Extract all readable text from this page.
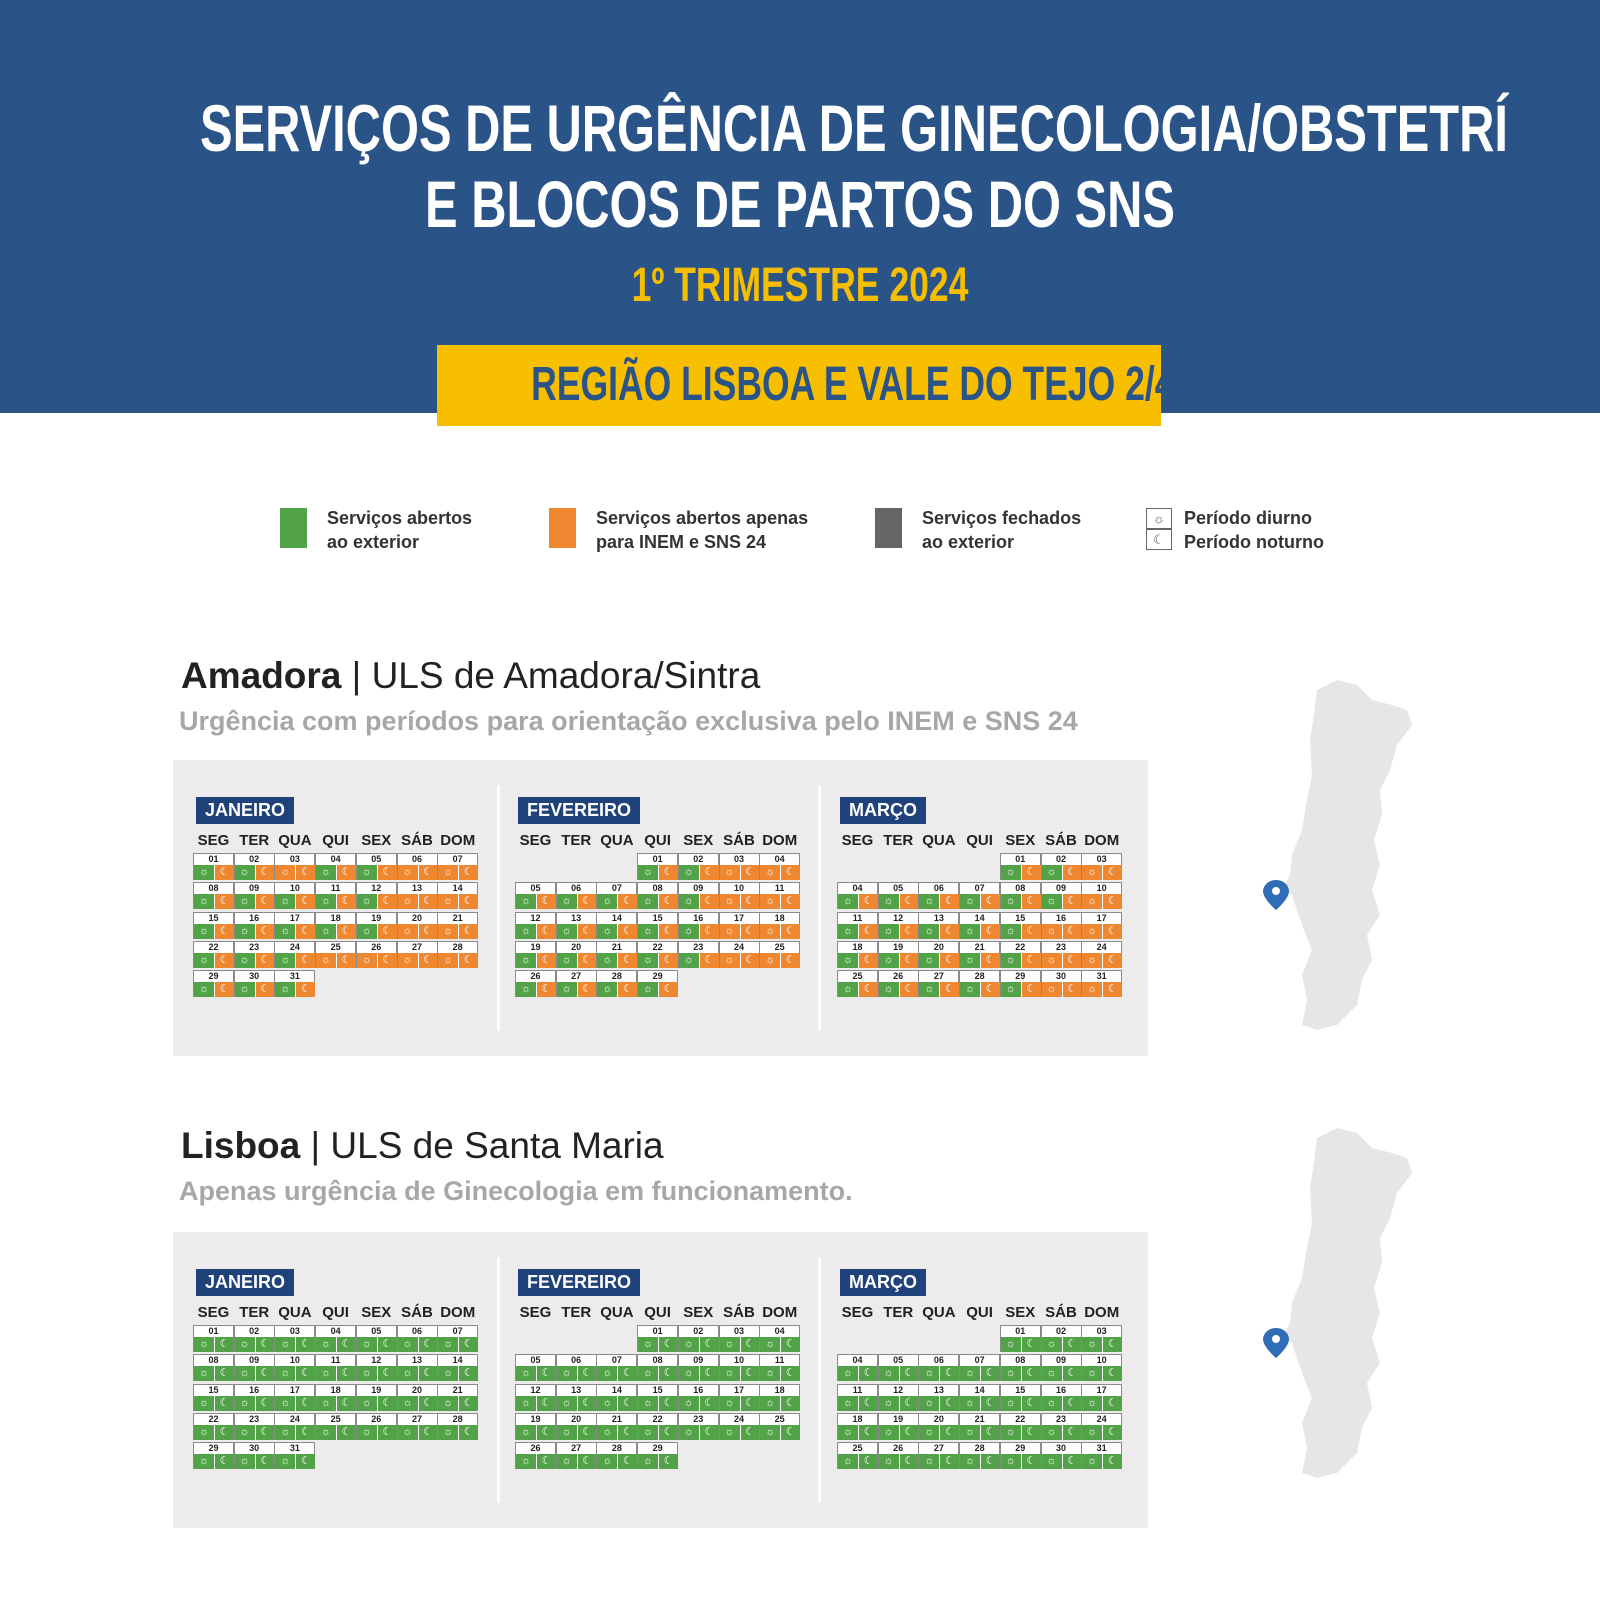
SERVIÇOS DE URGÊNCIA DE GINECOLOGIA/OBSTETRÍ
E BLOCOS DE PARTOS DO SNS
1º TRIMESTRE 2024
REGIÃO LISBOA E VALE DO TEJO 2/4
Serviços abertos
ao exterior
Serviços abertos apenas
para INEM e SNS 24
Serviços fechados
ao exterior
☼
☾
Período diurno
Período noturno
Amadora | ULS de Amadora/Sintra
Urgência com períodos para orientação exclusiva pelo INEM e SNS 24
JANEIRO
SEG TER QUA QUI SEX SÁB DOM
01
☼ ☾
02
☼ ☾
03
☼ ☾
04
☼ ☾
05
☼ ☾
06
☼ ☾
07
☼ ☾
08
☼ ☾
09
☼ ☾
10
☼ ☾
11
☼ ☾
12
☼ ☾
13
☼ ☾
14
☼ ☾
15
☼ ☾
16
☼ ☾
17
☼ ☾
18
☼ ☾
19
☼ ☾
20
☼ ☾
21
☼ ☾
22
☼ ☾
23
☼ ☾
24
☼ ☾
25
☼ ☾
26
☼ ☾
27
☼ ☾
28
☼ ☾
29
☼ ☾
30
☼ ☾
31
☼ ☾
FEVEREIRO
SEG TER QUA QUI SEX SÁB DOM
01
☼ ☾
02
☼ ☾
03
☼ ☾
04
☼ ☾
05
☼ ☾
06
☼ ☾
07
☼ ☾
08
☼ ☾
09
☼ ☾
10
☼ ☾
11
☼ ☾
12
☼ ☾
13
☼ ☾
14
☼ ☾
15
☼ ☾
16
☼ ☾
17
☼ ☾
18
☼ ☾
19
☼ ☾
20
☼ ☾
21
☼ ☾
22
☼ ☾
23
☼ ☾
24
☼ ☾
25
☼ ☾
26
☼ ☾
27
☼ ☾
28
☼ ☾
29
☼ ☾
MARÇO
SEG TER QUA QUI SEX SÁB DOM
01
☼ ☾
02
☼ ☾
03
☼ ☾
04
☼ ☾
05
☼ ☾
06
☼ ☾
07
☼ ☾
08
☼ ☾
09
☼ ☾
10
☼ ☾
11
☼ ☾
12
☼ ☾
13
☼ ☾
14
☼ ☾
15
☼ ☾
16
☼ ☾
17
☼ ☾
18
☼ ☾
19
☼ ☾
20
☼ ☾
21
☼ ☾
22
☼ ☾
23
☼ ☾
24
☼ ☾
25
☼ ☾
26
☼ ☾
27
☼ ☾
28
☼ ☾
29
☼ ☾
30
☼ ☾
31
☼ ☾
Lisboa | ULS de Santa Maria
Apenas urgência de Ginecologia em funcionamento.
JANEIRO
SEG TER QUA QUI SEX SÁB DOM
01
☼ ☾
02
☼ ☾
03
☼ ☾
04
☼ ☾
05
☼ ☾
06
☼ ☾
07
☼ ☾
08
☼ ☾
09
☼ ☾
10
☼ ☾
11
☼ ☾
12
☼ ☾
13
☼ ☾
14
☼ ☾
15
☼ ☾
16
☼ ☾
17
☼ ☾
18
☼ ☾
19
☼ ☾
20
☼ ☾
21
☼ ☾
22
☼ ☾
23
☼ ☾
24
☼ ☾
25
☼ ☾
26
☼ ☾
27
☼ ☾
28
☼ ☾
29
☼ ☾
30
☼ ☾
31
☼ ☾
FEVEREIRO
SEG TER QUA QUI SEX SÁB DOM
01
☼ ☾
02
☼ ☾
03
☼ ☾
04
☼ ☾
05
☼ ☾
06
☼ ☾
07
☼ ☾
08
☼ ☾
09
☼ ☾
10
☼ ☾
11
☼ ☾
12
☼ ☾
13
☼ ☾
14
☼ ☾
15
☼ ☾
16
☼ ☾
17
☼ ☾
18
☼ ☾
19
☼ ☾
20
☼ ☾
21
☼ ☾
22
☼ ☾
23
☼ ☾
24
☼ ☾
25
☼ ☾
26
☼ ☾
27
☼ ☾
28
☼ ☾
29
☼ ☾
MARÇO
SEG TER QUA QUI SEX SÁB DOM
01
☼ ☾
02
☼ ☾
03
☼ ☾
04
☼ ☾
05
☼ ☾
06
☼ ☾
07
☼ ☾
08
☼ ☾
09
☼ ☾
10
☼ ☾
11
☼ ☾
12
☼ ☾
13
☼ ☾
14
☼ ☾
15
☼ ☾
16
☼ ☾
17
☼ ☾
18
☼ ☾
19
☼ ☾
20
☼ ☾
21
☼ ☾
22
☼ ☾
23
☼ ☾
24
☼ ☾
25
☼ ☾
26
☼ ☾
27
☼ ☾
28
☼ ☾
29
☼ ☾
30
☼ ☾
31
☼ ☾
